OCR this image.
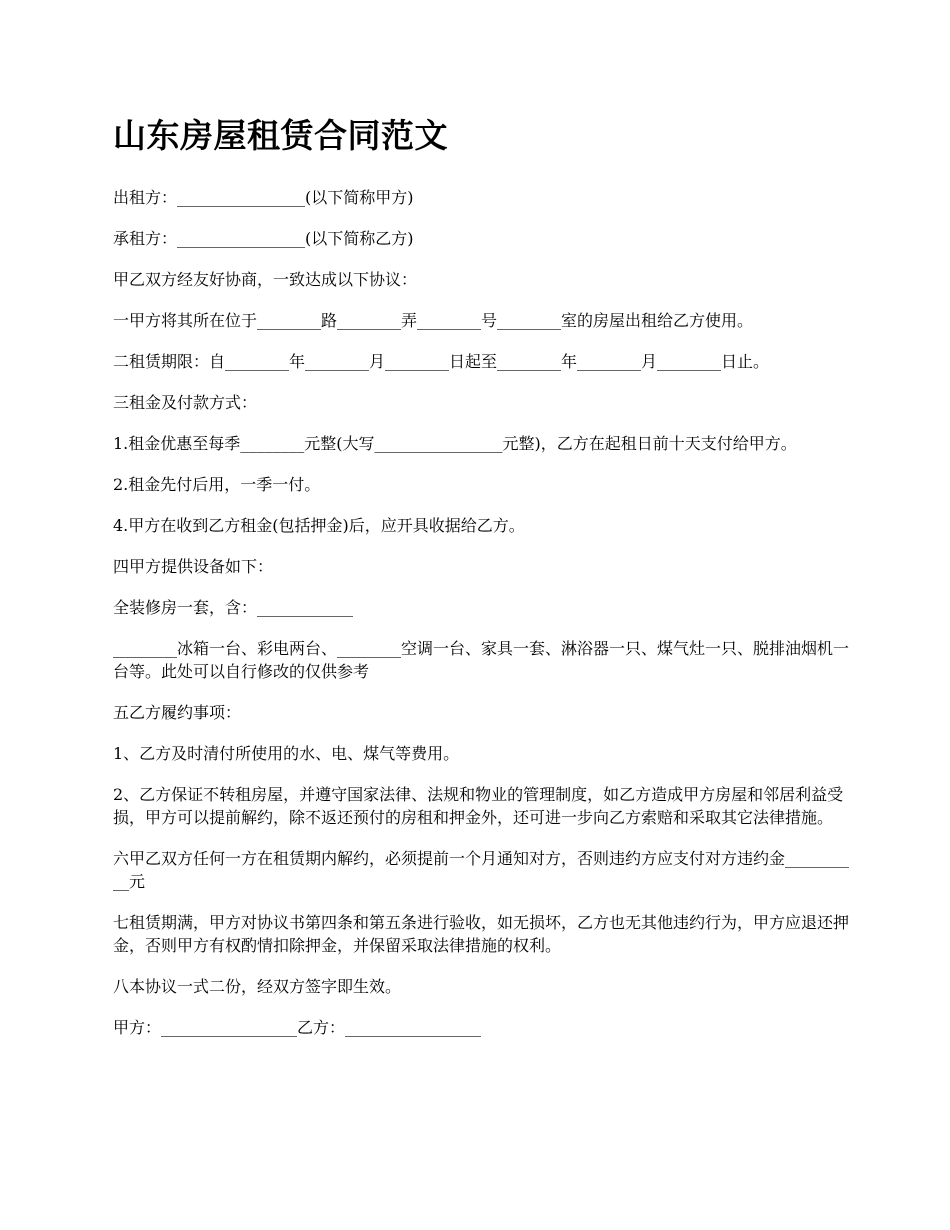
山东房屋租赁合同范文

出租方：________________(以下简称甲方)

承租方：________________(以下简称乙方)

甲乙双方经友好协商，一致达成以下协议：

一甲方将其所在位于________路________弄________号________室的房屋出租给乙方使用。

二租赁期限：自________年________月________日起至________年________月________日止。

三租金及付款方式：

1.租金优惠至每季________元整(大写________________元整)，乙方在起租日前十天支付给甲方。

2.租金先付后用，一季一付。

4.甲方在收到乙方租金(包括押金)后，应开具收据给乙方。

四甲方提供设备如下：

全装修房一套，含：____________

________冰箱一台、彩电两台、________空调一台、家具一套、淋浴器一只、煤气灶一只、脱排油烟机一台等。此处可以自行修改的仅供参考

五乙方履约事项：

1、乙方及时清付所使用的水、电、煤气等费用。

2、乙方保证不转租房屋，并遵守国家法律、法规和物业的管理制度，如乙方造成甲方房屋和邻居利益受损，甲方可以提前解约，除不返还预付的房租和押金外，还可进一步向乙方索赔和采取其它法律措施。

六甲乙双方任何一方在租赁期内解约，必须提前一个月通知对方，否则违约方应支付对方违约金__________元

七租赁期满，甲方对协议书第四条和第五条进行验收，如无损坏，乙方也无其他违约行为，甲方应退还押金，否则甲方有权酌情扣除押金，并保留采取法律措施的权利。

八本协议一式二份，经双方签字即生效。

甲方：_________________乙方：_________________
